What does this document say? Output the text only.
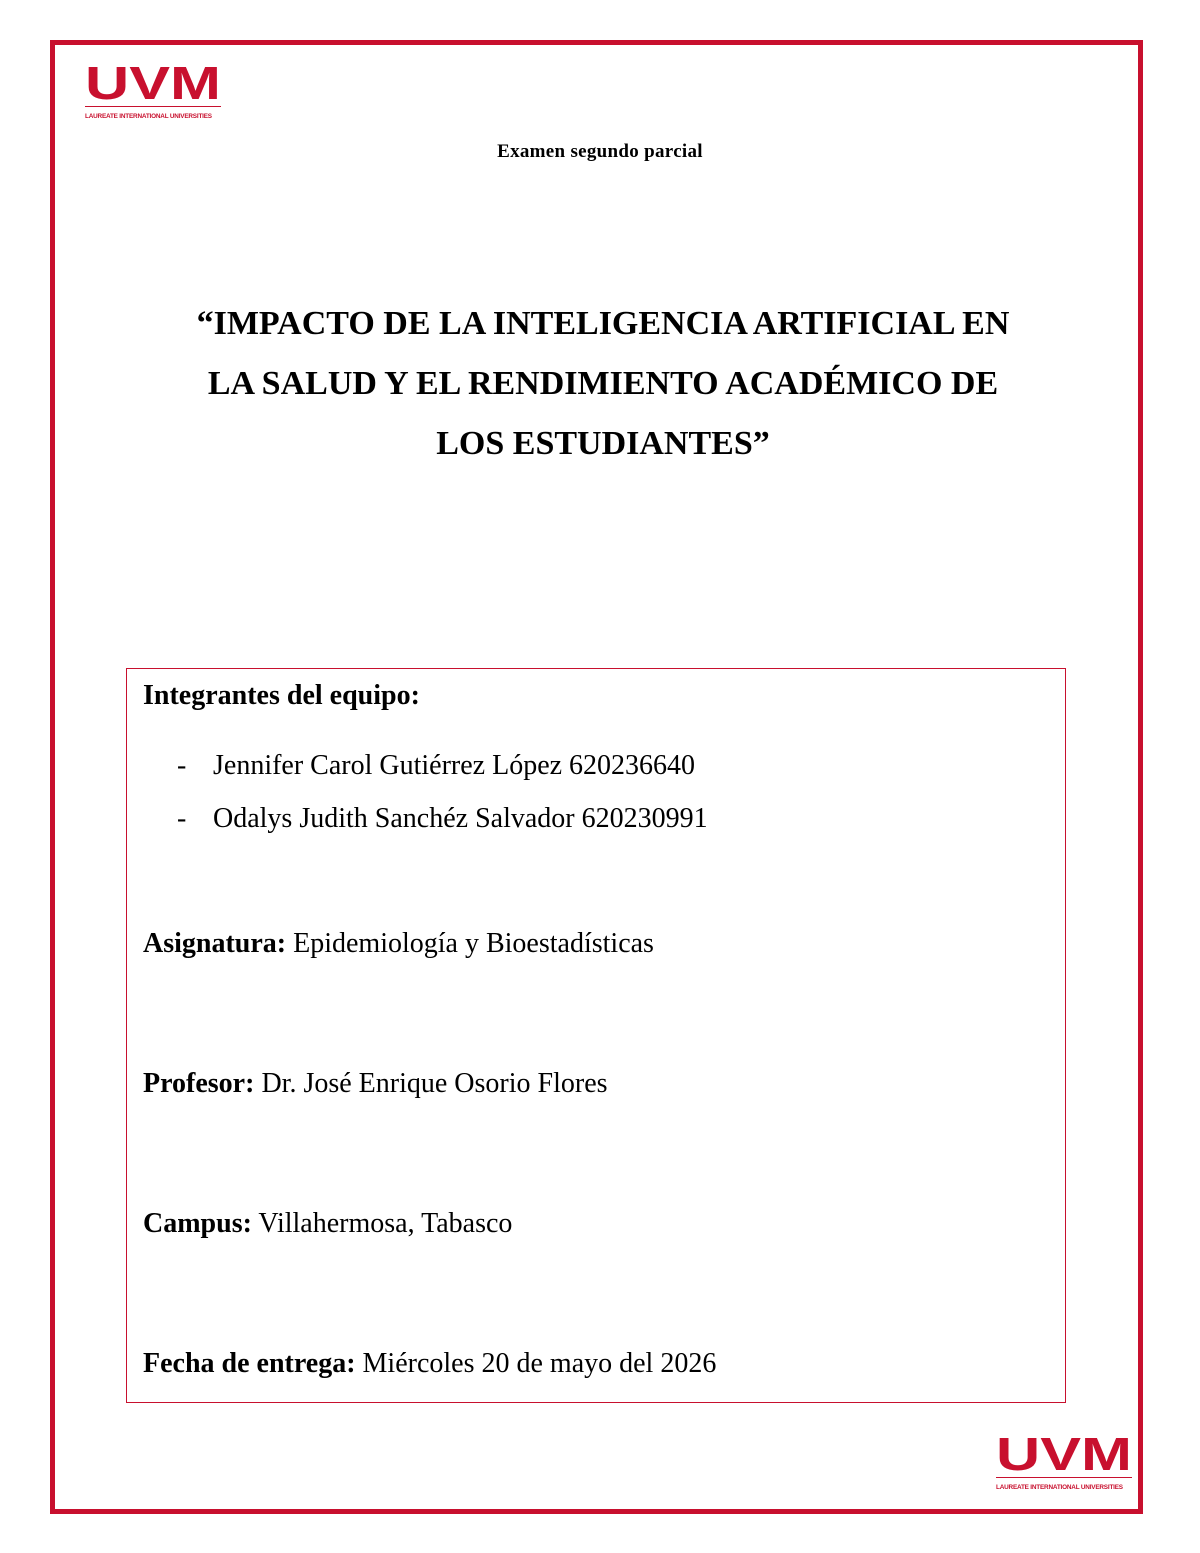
UVM
LAUREATE INTERNATIONAL UNIVERSITIES
Examen segundo parcial
“IMPACTO DE LA INTELIGENCIA ARTIFICIAL EN
LA SALUD Y EL RENDIMIENTO ACADÉMICO DE
LOS ESTUDIANTES”
Integrantes del equipo:
- Jennifer Carol Gutiérrez López 620236640
- Odalys Judith Sanchéz Salvador 620230991
Asignatura: Epidemiología y Bioestadísticas
Profesor: Dr. José Enrique Osorio Flores
Campus: Villahermosa, Tabasco
Fecha de entrega: Miércoles 20 de mayo del 2026
UVM
LAUREATE INTERNATIONAL UNIVERSITIES
